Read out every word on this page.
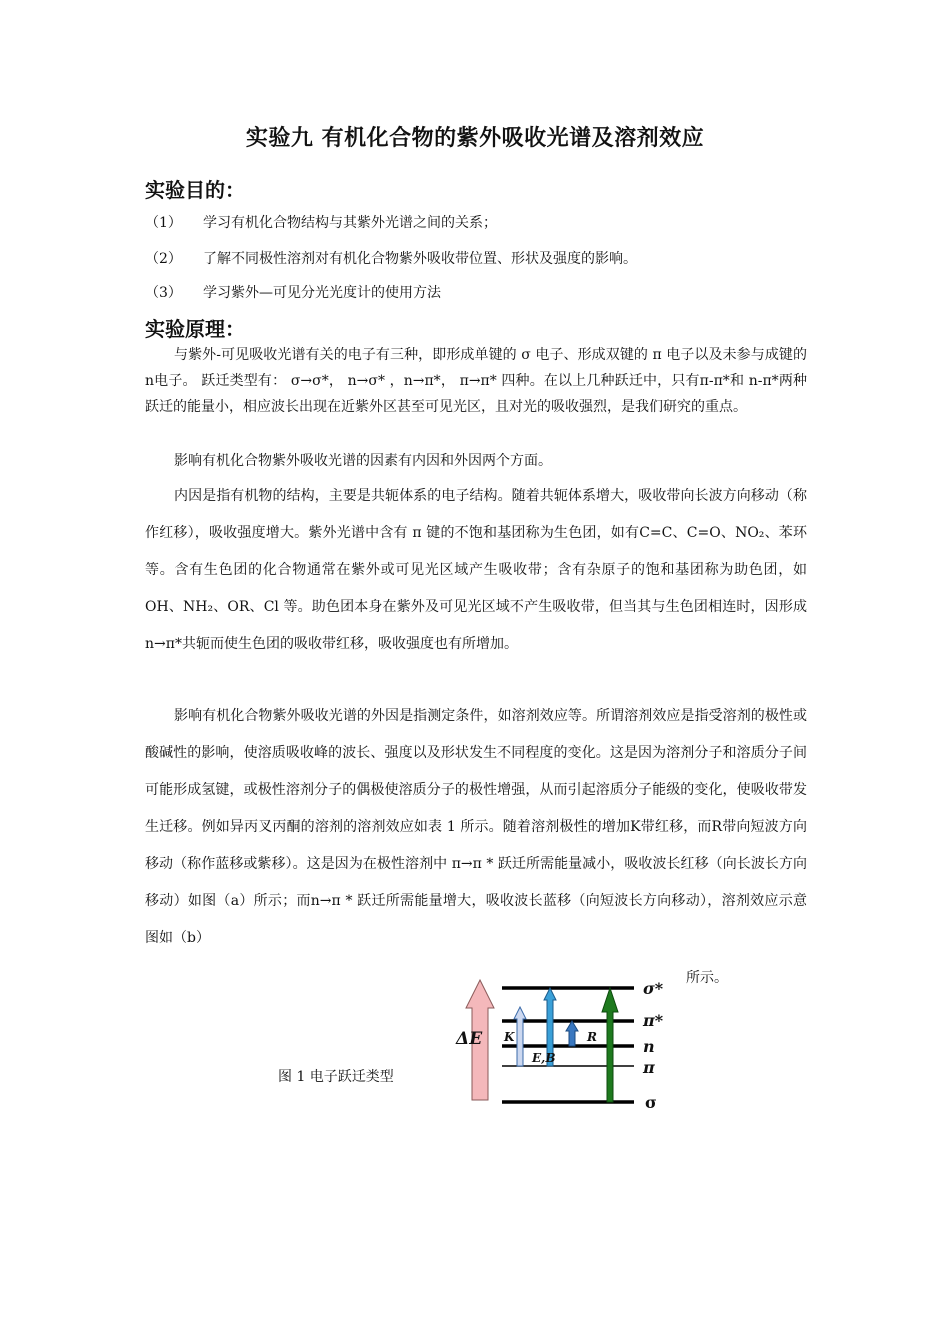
实验九 有机化合物的紫外吸收光谱及溶剂效应
实验目的：
（1） 学习有机化合物结构与其紫外光谱之间的关系；
（2） 了解不同极性溶剂对有机化合物紫外吸收带位置、形状及强度的影响。
（3） 学习紫外—可见分光光度计的使用方法
实验原理：
与紫外-可见吸收光谱有关的电子有三种，即形成单键的 σ 电子、形成双键的 π 电子以及未参与成键的n电子。 跃迁类型有： σ→σ*， n→σ* ，n→π*， π→π* 四种。在以上几种跃迁中，只有π-π*和 n-π*两种跃迁的能量小，相应波长出现在近紫外区甚至可见光区，且对光的吸收强烈，是我们研究的重点。
影响有机化合物紫外吸收光谱的因素有内因和外因两个方面。
内因是指有机物的结构，主要是共轭体系的电子结构。随着共轭体系增大，吸收带向长波方向移动（称作红移），吸收强度增大。紫外光谱中含有 π 键的不饱和基团称为生色团，如有C=C、C=O、NO₂、苯环等。含有生色团的化合物通常在紫外或可见光区域产生吸收带；含有杂原子的饱和基团称为助色团，如 OH、NH₂、OR、Cl 等。助色团本身在紫外及可见光区域不产生吸收带，但当其与生色团相连时，因形成n→π*共轭而使生色团的吸收带红移，吸收强度也有所增加。
影响有机化合物紫外吸收光谱的外因是指测定条件，如溶剂效应等。所谓溶剂效应是指受溶剂的极性或酸碱性的影响，使溶质吸收峰的波长、强度以及形状发生不同程度的变化。这是因为溶剂分子和溶质分子间可能形成氢键，或极性溶剂分子的偶极使溶质分子的极性增强，从而引起溶质分子能级的变化，使吸收带发生迁移。例如异丙叉丙酮的溶剂的溶剂效应如表 1 所示。随着溶剂极性的增加K带红移，而R带向短波方向移动（称作蓝移或紫移）。这是因为在极性溶剂中 π→π * 跃迁所需能量减小，吸收波长红移（向长波长方向移动）如图（a）所示；而n→π * 跃迁所需能量增大，吸收波长蓝移（向短波长方向移动），溶剂效应示意图如（b）
所示。
图 1 电子跃迁类型
ΔE K
E,B
R
σ*
π*
n
π
σ
